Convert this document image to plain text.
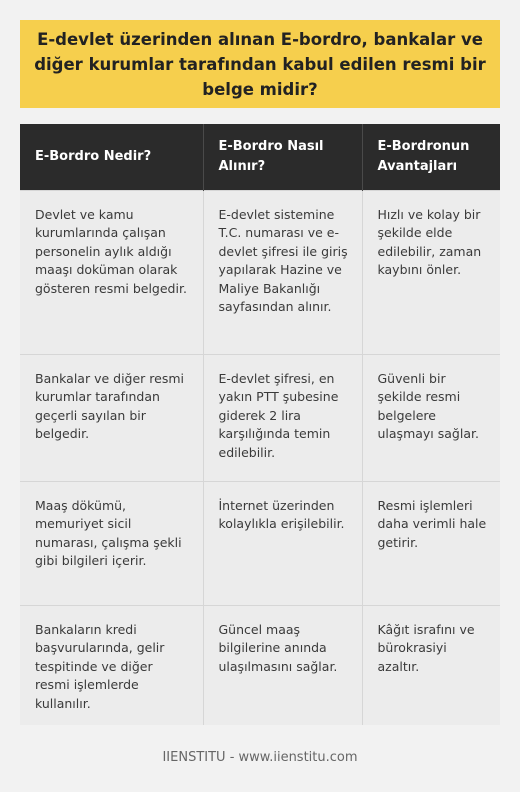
E-devlet üzerinden alınan E-bordro, bankalar ve diğer kurumlar tarafından kabul edilen resmi bir belge midir?
E-Bordro Nedir?	E-Bordro Nasıl Alınır?	E-Bordronun Avantajları
Devlet ve kamu kurumlarında çalışan personelin aylık aldığı maaşı doküman olarak gösteren resmi belgedir.	E-devlet sistemine T.C. numarası ve e-devlet şifresi ile giriş yapılarak Hazine ve Maliye Bakanlığı sayfasından alınır.	Hızlı ve kolay bir şekilde elde edilebilir, zaman kaybını önler.
Bankalar ve diğer resmi kurumlar tarafından geçerli sayılan bir belgedir.	E-devlet şifresi, en yakın PTT şubesine giderek 2 lira karşılığında temin edilebilir.	Güvenli bir şekilde resmi belgelere ulaşmayı sağlar.
Maaş dökümü, memuriyet sicil numarası, çalışma şekli gibi bilgileri içerir.	İnternet üzerinden kolaylıkla erişilebilir.	Resmi işlemleri daha verimli hale getirir.
Bankaların kredi başvurularında, gelir tespitinde ve diğer resmi işlemlerde kullanılır.	Güncel maaş bilgilerine anında ulaşılmasını sağlar.	Kâğıt israfını ve bürokrasiyi azaltır.
IIENSTITU - www.iienstitu.com
